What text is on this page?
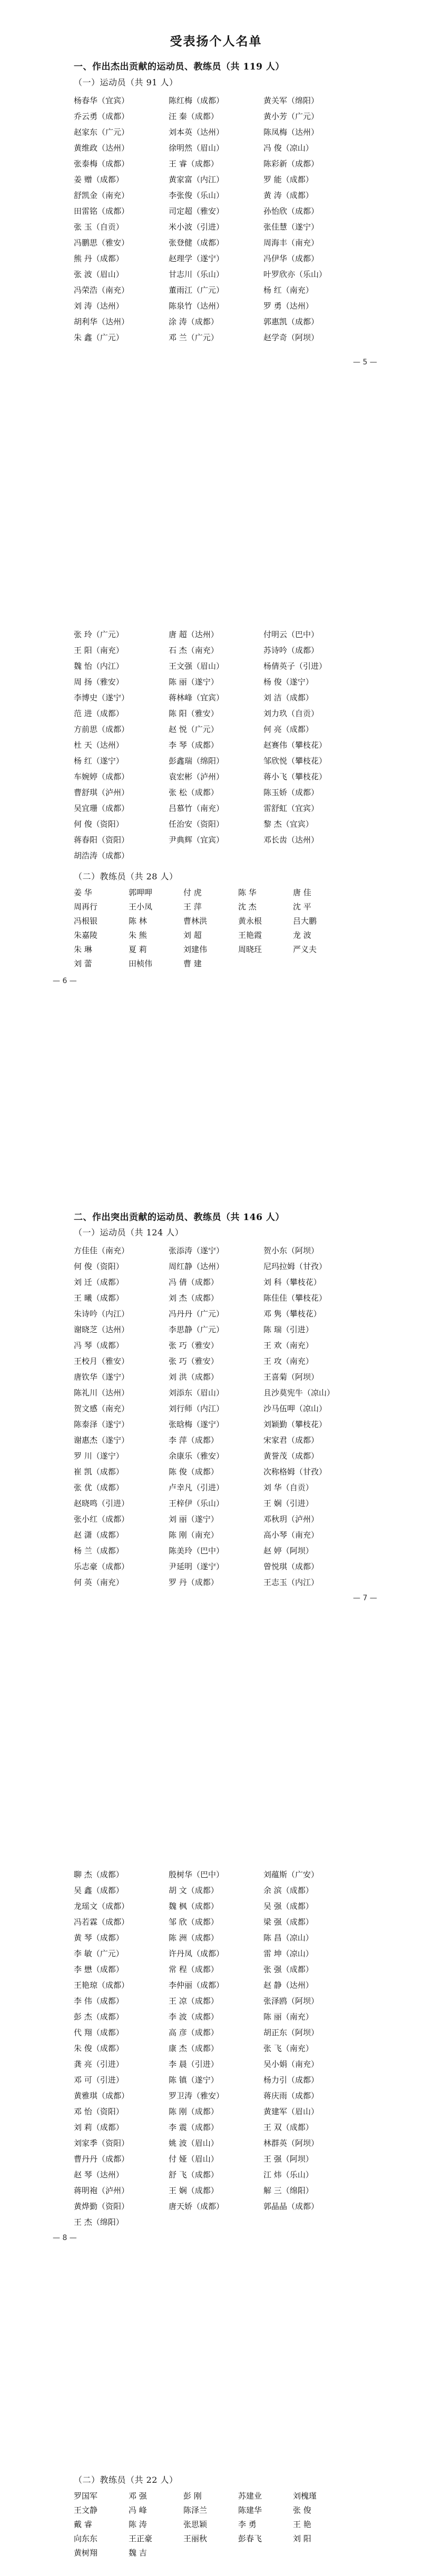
受表扬个人名单
一、作出杰出贡献的运动员、教练员（共 119 人）
（一）运动员（共 91 人）
杨春华（宜宾）	陈红梅（成都）	黄关军（绵阳）
乔云勇（成都）	汪 秦（成都）	黄小芳（广元）
赵家东（广元）	刘本英（达州）	陈凤梅（达州）
黄维政（达州）	徐明然（眉山）	冯 俊（凉山）
张泰梅（成都）	王 睿（成都）	陈彩新（成都）
姜 赠（成都）	黄家富（内江）	罗 能（成都）
舒凯金（南充）	李张俊（乐山）	黄 涛（成都）
田雷铭（成都）	司定超（雅安）	孙怡欣（成都）
张 玉（自贡）	米小波（引进）	张佳慧（遂宁）
冯鹏思（雅安）	张登健（成都）	周海丰（南充）
熊 丹（成都）	赵理学（遂宁）	冯伊华（成都）
张 波（眉山）	甘志川（乐山）	叶罗欣亦（乐山）
冯荣浩（南充）	董雨江（广元）	杨 红（南充）
刘 涛（达州）	陈泉竹（达州）	罗 勇（达州）
胡利华（达州）	涂 涛（成都）	郭惠凯（成都）
朱 鑫（广元）	邓 兰（广元）	赵学奇（阿坝）
— 5 —
张 玲（广元）	唐 超（达州）	付明云（巴中）
王 阳（南充）	石 杰（南充）	苏诗吟（成都）
魏 怡（内江）	王文强（眉山）	杨倩英子（引进）
周 扬（雅安）	陈 丽（遂宁）	杨 俊（遂宁）
李博史（遂宁）	蒋林峰（宜宾）	刘 洁（成都）
范 进（成都）	陈 阳（雅安）	刘力玖（自贡）
方前思（成都）	赵 悦（广元）	何 亮（成都）
杜 天（达州）	李 琴（成都）	赵赛伟（攀枝花）
杨 红（遂宁）	彭鑫瑞（绵阳）	邹欣悦（攀枝花）
车婉婷（成都）	袁宏彬（泸州）	蒋小飞（攀枝花）
曹舒琪（泸州）	张 松（成都）	陈玉娇（成都）
吴宜珊（成都）	吕慕竹（南充）	雷舒虹（宜宾）
何 俊（资阳）	任治安（资阳）	黎 杰（宜宾）
蒋春阳（资阳）	尹典辉（宜宾）	邓长齿（达州）
胡浩涛（成都）
（二）教练员（共 28 人）
姜 华	郭呷呷	付 虎	陈 华	唐 佳
周再行	王小凤	王 萍	沈 杰	沈 平
冯根银	陈 林	曹林洪	黄永根	吕大鹏
朱嘉陵	朱 熊	刘 超	王艳霞	龙 波
朱 琳	夏 莉	刘建伟	周晓玨	严义夫
刘 蕾	田桢伟	曹 建
— 6 —
二、作出突出贡献的运动员、教练员（共 146 人）
（一）运动员（共 124 人）
方佳佳（南充）	张添涛（遂宁）	贺小东（阿坝）
何 俊（资阳）	周红静（达州）	尼玛拉姆（甘孜）
刘 迁（成都）	冯 倩（成都）	刘 科（攀枝花）
王 曦（成都）	刘 杰（成都）	陈佳佳（攀枝花）
朱诗吟（内江）	冯丹丹（广元）	邓 隽（攀枝花）
谢晓芝（达州）	李思静（广元）	陈 瑞（引进）
冯 琴（成都）	张 巧（雅安）	王 欢（南充）
王校月（雅安）	张 巧（雅安）	王 攻（南充）
唐钦华（遂宁）	刘 洪（成都）	王喜菊（阿坝）
陈礼川（达州）	刘添东（眉山）	且沙莫宪牛（凉山）
贺文感（南充）	刘行师（内江）	沙马伍呷（凉山）
陈泰泽（遂宁）	张晗梅（遂宁）	刘颖勤（攀枝花）
谢惠杰（遂宁）	李 萍（成都）	宋家君（成都）
罗 川（遂宁）	余康乐（雅安）	黄誉茂（成都）
崔 凯（成都）	陈 俊（成都）	次称格姆（甘孜）
张 优（成都）	卢幸凡（引进）	刘 华（自贡）
赵晓鸣（引进）	王梓伊（乐山）	王 娴（引进）
张小红（成都）	刘 丽（遂宁）	邓秋玥（泸州）
赵 潇（成都）	陈 刚（南充）	高小琴（南充）
杨 兰（成都）	陈美玲（巴中）	赵 婷（阿坝）
乐志豪（成都）	尹延明（遂宁）	曾悦琪（成都）
何 英（南充）	罗 丹（成都）	王志玉（内江）
— 7 —
聊 杰（成都）	殷树华（巴中）	刘蕴斯（广安）
吴 鑫（成都）	胡 文（成都）	余 滨（成都）
龙瑶文（成都）	魏 枫（成都）	吴 强（成都）
冯若霖（成都）	邹 欣（成都）	梁 强（成都）
黄 琴（成都）	陈 洲（成都）	陈 昌（凉山）
李 敏（广元）	许丹凤（成都）	雷 坤（凉山）
李 懋（成都）	常 程（成都）	张 强（成都）
王艳琼（成都）	李仲丽（成都）	赵 静（达州）
李 伟（成都）	王 凉（成都）	张泽鸥（阿坝）
彭 杰（成都）	李 波（成都）	陈 丽（南充）
代 翔（成都）	高 彦（成都）	胡正东（阿坝）
朱 俊（成都）	康 杰（成都）	张 飞（南充）
龚 亮（引进）	李 晨（引进）	吴小娟（南充）
邓 可（引进）	陈 镇（遂宁）	杨力引（成都）
黄雅琪（成都）	罗卫涛（雅安）	蒋庆雨（成都）
邓 怡（资阳）	陈 刚（成都）	黄建军（眉山）
刘 莉（成都）	李 震（成都）	王 双（成都）
刘家季（资阳）	姚 波（眉山）	林群英（阿坝）
曹丹丹（成都）	付 娅（眉山）	王 强（阿坝）
赵 琴（达州）	舒 飞（成都）	江 炜（乐山）
蒋明袍（泸州）	王 娴（成都）	解 三（绵阳）
黄烨勤（资阳）	唐天娇（成都）	郭晶晶（成都）
王 杰（绵阳）
— 8 —
（二）教练员（共 22 人）
罗国军	邓 强	彭 刚	苏建业	刘槐瑾
王文静	冯 峰	陈泽兰	陈建华	张 俊
戴 睿	陈 涛	张思颖	李 勇	王 艳
向东东	王正豪	王丽秋	彭春飞	刘 阳
黄树翔	魏 吉
